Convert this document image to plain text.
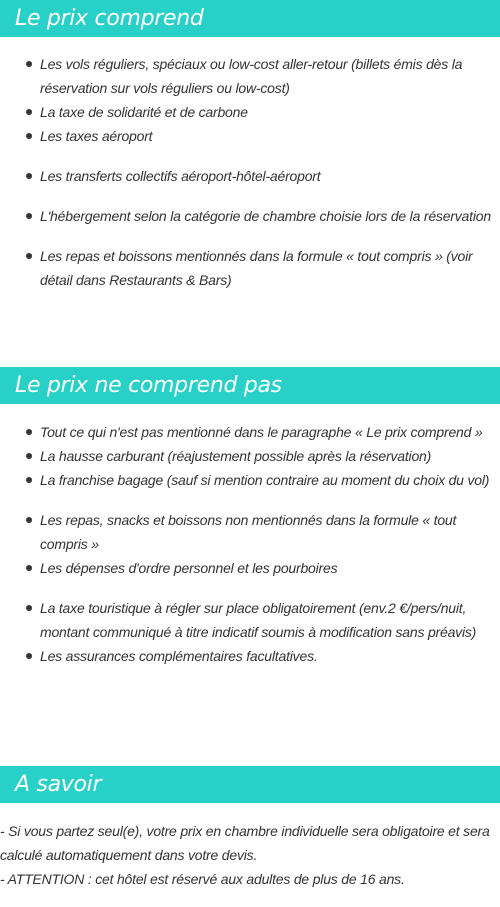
Le prix comprend
Les vols réguliers, spéciaux ou low-cost aller-retour (billets émis dès la réservation sur vols réguliers ou low-cost)
La taxe de solidarité et de carbone
Les taxes aéroport
Les transferts collectifs aéroport-hôtel-aéroport
L'hébergement selon la catégorie de chambre choisie lors de la réservation
Les repas et boissons mentionnés dans la formule « tout compris » (voir détail dans Restaurants & Bars)
Le prix ne comprend pas
Tout ce qui n'est pas mentionné dans le paragraphe « Le prix comprend »
La hausse carburant (réajustement possible après la réservation)
La franchise bagage (sauf si mention contraire au moment du choix du vol)
Les repas, snacks et boissons non mentionnés dans la formule « tout compris »
Les dépenses d'ordre personnel et les pourboires
La taxe touristique à régler sur place obligatoirement (env.2 €/pers/nuit, montant communiqué à titre indicatif soumis à modification sans préavis)
Les assurances complémentaires facultatives.
A savoir
- Si vous partez seul(e), votre prix en chambre individuelle sera obligatoire et sera calculé automatiquement dans votre devis.
- ATTENTION : cet hôtel est réservé aux adultes de plus de 16 ans.
